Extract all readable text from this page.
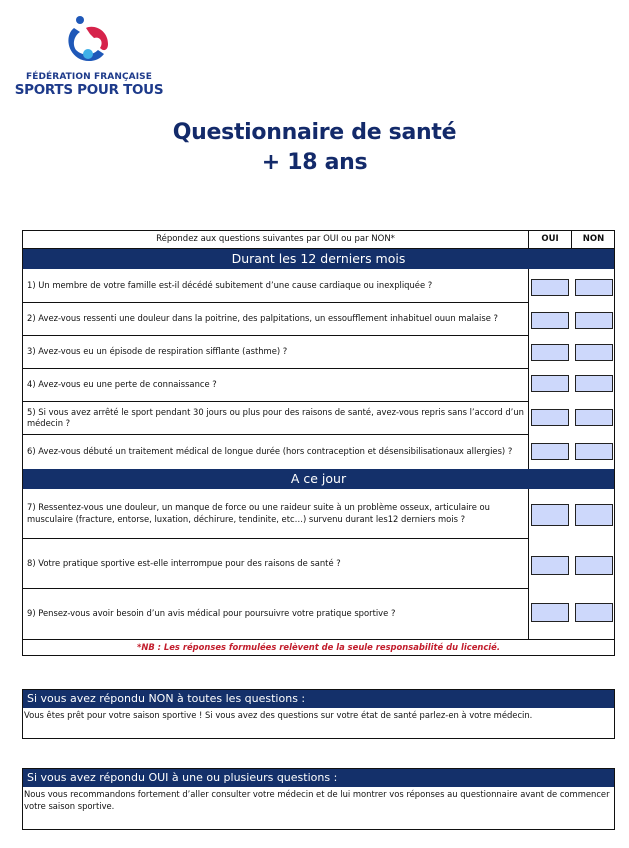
FÉDÉRATION FRANÇAISE
SPORTS POUR TOUS
Questionnaire de santé
+ 18 ans
Répondez aux questions suivantes par OUI ou par NON*	OUI	NON
Durant les 12 derniers mois
1) Un membre de votre famille est-il décédé subitement d’une cause cardiaque ou inexpliquée ?
2) Avez-vous ressenti une douleur dans la poitrine, des palpitations, un essoufflement inhabituel ouun malaise ?
3) Avez-vous eu un épisode de respiration sifflante (asthme) ?
4) Avez-vous eu une perte de connaissance ?
5) Si vous avez arrêté le sport pendant 30 jours ou plus pour des raisons de santé, avez-vous repris sans l’accord d’un médecin ?
6) Avez-vous débuté un traitement médical de longue durée (hors contraception et désensibilisationaux allergies) ?
A ce jour
7) Ressentez-vous une douleur, un manque de force ou une raideur suite à un problème osseux, articulaire ou musculaire (fracture, entorse, luxation, déchirure, tendinite, etc…) survenu durant les12 derniers mois ?
8) Votre pratique sportive est-elle interrompue pour des raisons de santé ?
9) Pensez-vous avoir besoin d’un avis médical pour poursuivre votre pratique sportive ?
*NB : Les réponses formulées relèvent de la seule responsabilité du licencié.
Si vous avez répondu NON à toutes les questions :
Vous êtes prêt pour votre saison sportive ! Si vous avez des questions sur votre état de santé parlez-en à votre médecin.
Si vous avez répondu OUI à une ou plusieurs questions :
Nous vous recommandons fortement d’aller consulter votre médecin et de lui montrer vos réponses au questionnaire avant de commencer votre saison sportive.
